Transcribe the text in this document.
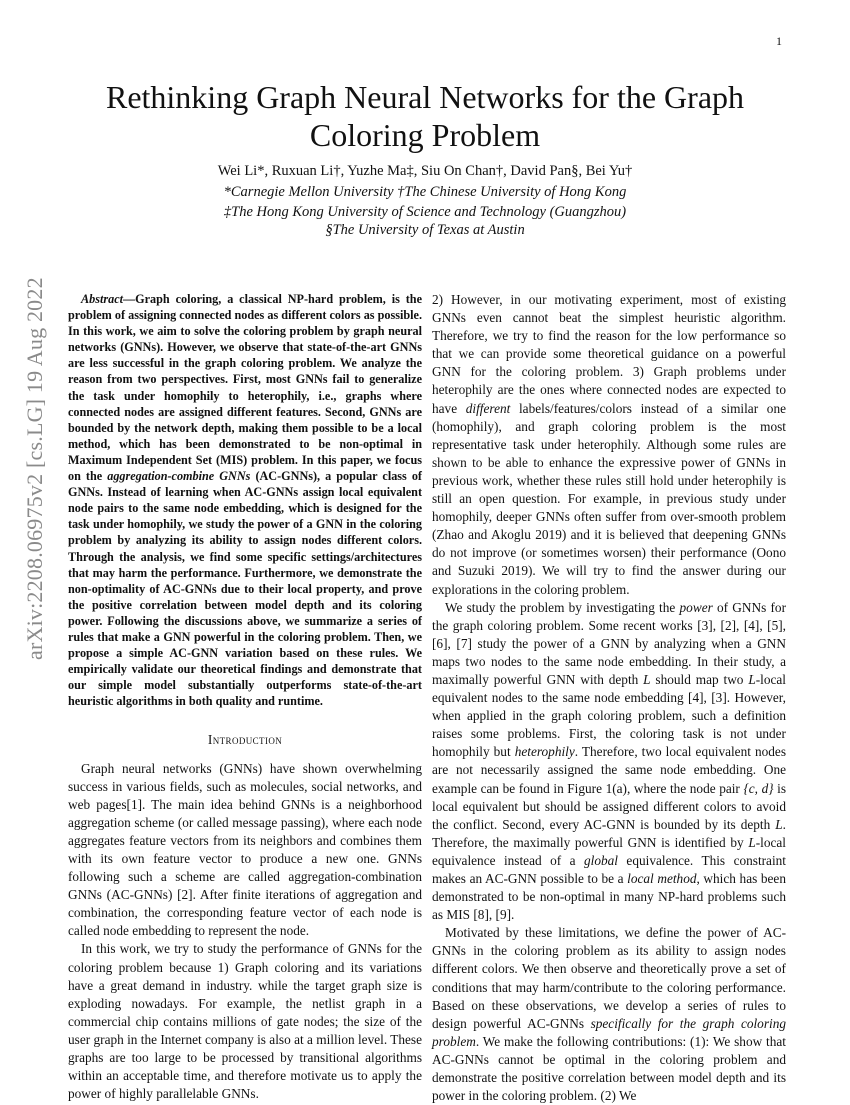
1
arXiv:2208.06975v2 [cs.LG] 19 Aug 2022
Rethinking Graph Neural Networks for the Graph Coloring Problem
Wei Li*, Ruxuan Li†, Yuzhe Ma‡, Siu On Chan†, David Pan§, Bei Yu†
*Carnegie Mellon University †The Chinese University of Hong Kong
‡The Hong Kong University of Science and Technology (Guangzhou)
§The University of Texas at Austin

Abstract—Graph coloring, a classical NP-hard problem, is the problem of assigning connected nodes as different colors as possible. In this work, we aim to solve the coloring problem by graph neural networks (GNNs). However, we observe that state-of-the-art GNNs are less successful in the graph coloring problem. We analyze the reason from two perspectives. First, most GNNs fail to generalize the task under homophily to heterophily, i.e., graphs where connected nodes are assigned different features. Second, GNNs are bounded by the network depth, making them possible to be a local method, which has been demonstrated to be non-optimal in Maximum Independent Set (MIS) problem. In this paper, we focus on the aggregation-combine GNNs (AC-GNNs), a popular class of GNNs. Instead of learning when AC-GNNs assign local equivalent node pairs to the same node embedding, which is designed for the task under homophily, we study the power of a GNN in the coloring problem by analyzing its ability to assign nodes different colors. Through the analysis, we find some specific settings/architectures that may harm the performance. Furthermore, we demonstrate the non-optimality of AC-GNNs due to their local property, and prove the positive correlation between model depth and its coloring power. Following the discussions above, we summarize a series of rules that make a GNN powerful in the coloring problem. Then, we propose a simple AC-GNN variation based on these rules. We empirically validate our theoretical findings and demonstrate that our simple model substantially outperforms state-of-the-art heuristic algorithms in both quality and runtime.

Introduction

Graph neural networks (GNNs) have shown overwhelming success in various fields, such as molecules, social networks, and web pages[1]. The main idea behind GNNs is a neighborhood aggregation scheme (or called message passing), where each node aggregates feature vectors from its neighbors and combines them with its own feature vector to produce a new one. GNNs following such a scheme are called aggregation-combination GNNs (AC-GNNs) [2]. After finite iterations of aggregation and combination, the corresponding feature vector of each node is called node embedding to represent the node.

In this work, we try to study the performance of GNNs for the coloring problem because 1) Graph coloring and its variations have a great demand in industry. while the target graph size is exploding nowadays. For example, the netlist graph in a commercial chip contains millions of gate nodes; the size of the user graph in the Internet company is also at a million level. These graphs are too large to be processed by transitional algorithms within an acceptable time, and therefore motivate us to apply the power of highly parallelable GNNs.

2) However, in our motivating experiment, most of existing GNNs even cannot beat the simplest heuristic algorithm. Therefore, we try to find the reason for the low performance so that we can provide some theoretical guidance on a powerful GNN for the coloring problem. 3) Graph problems under heterophily are the ones where connected nodes are expected to have different labels/features/colors instead of a similar one (homophily), and graph coloring problem is the most representative task under heterophily. Although some rules are shown to be able to enhance the expressive power of GNNs in previous work, whether these rules still hold under heterophily is still an open question. For example, in previous study under homophily, deeper GNNs often suffer from over-smooth problem (Zhao and Akoglu 2019) and it is believed that deepening GNNs do not improve (or sometimes worsen) their performance (Oono and Suzuki 2019). We will try to find the answer during our explorations in the coloring problem.

We study the problem by investigating the power of GNNs for the graph coloring problem. Some recent works [3], [2], [4], [5], [6], [7] study the power of a GNN by analyzing when a GNN maps two nodes to the same node embedding. In their study, a maximally powerful GNN with depth L should map two L-local equivalent nodes to the same node embedding [4], [3]. However, when applied in the graph coloring problem, such a definition raises some problems. First, the coloring task is not under homophily but heterophily. Therefore, two local equivalent nodes are not necessarily assigned the same node embedding. One example can be found in Figure 1(a), where the node pair {c, d} is local equivalent but should be assigned different colors to avoid the conflict. Second, every AC-GNN is bounded by its depth L. Therefore, the maximally powerful GNN is identified by L-local equivalence instead of a global equivalence. This constraint makes an AC-GNN possible to be a local method, which has been demonstrated to be non-optimal in many NP-hard problems such as MIS [8], [9].

Motivated by these limitations, we define the power of AC-GNNs in the coloring problem as its ability to assign nodes different colors. We then observe and theoretically prove a set of conditions that may harm/contribute to the coloring performance. Based on these observations, we develop a series of rules to design powerful AC-GNNs specifically for the graph coloring problem. We make the following contributions: (1): We show that AC-GNNs cannot be optimal in the coloring problem and demonstrate the positive correlation between model depth and its power in the coloring problem. (2) We
